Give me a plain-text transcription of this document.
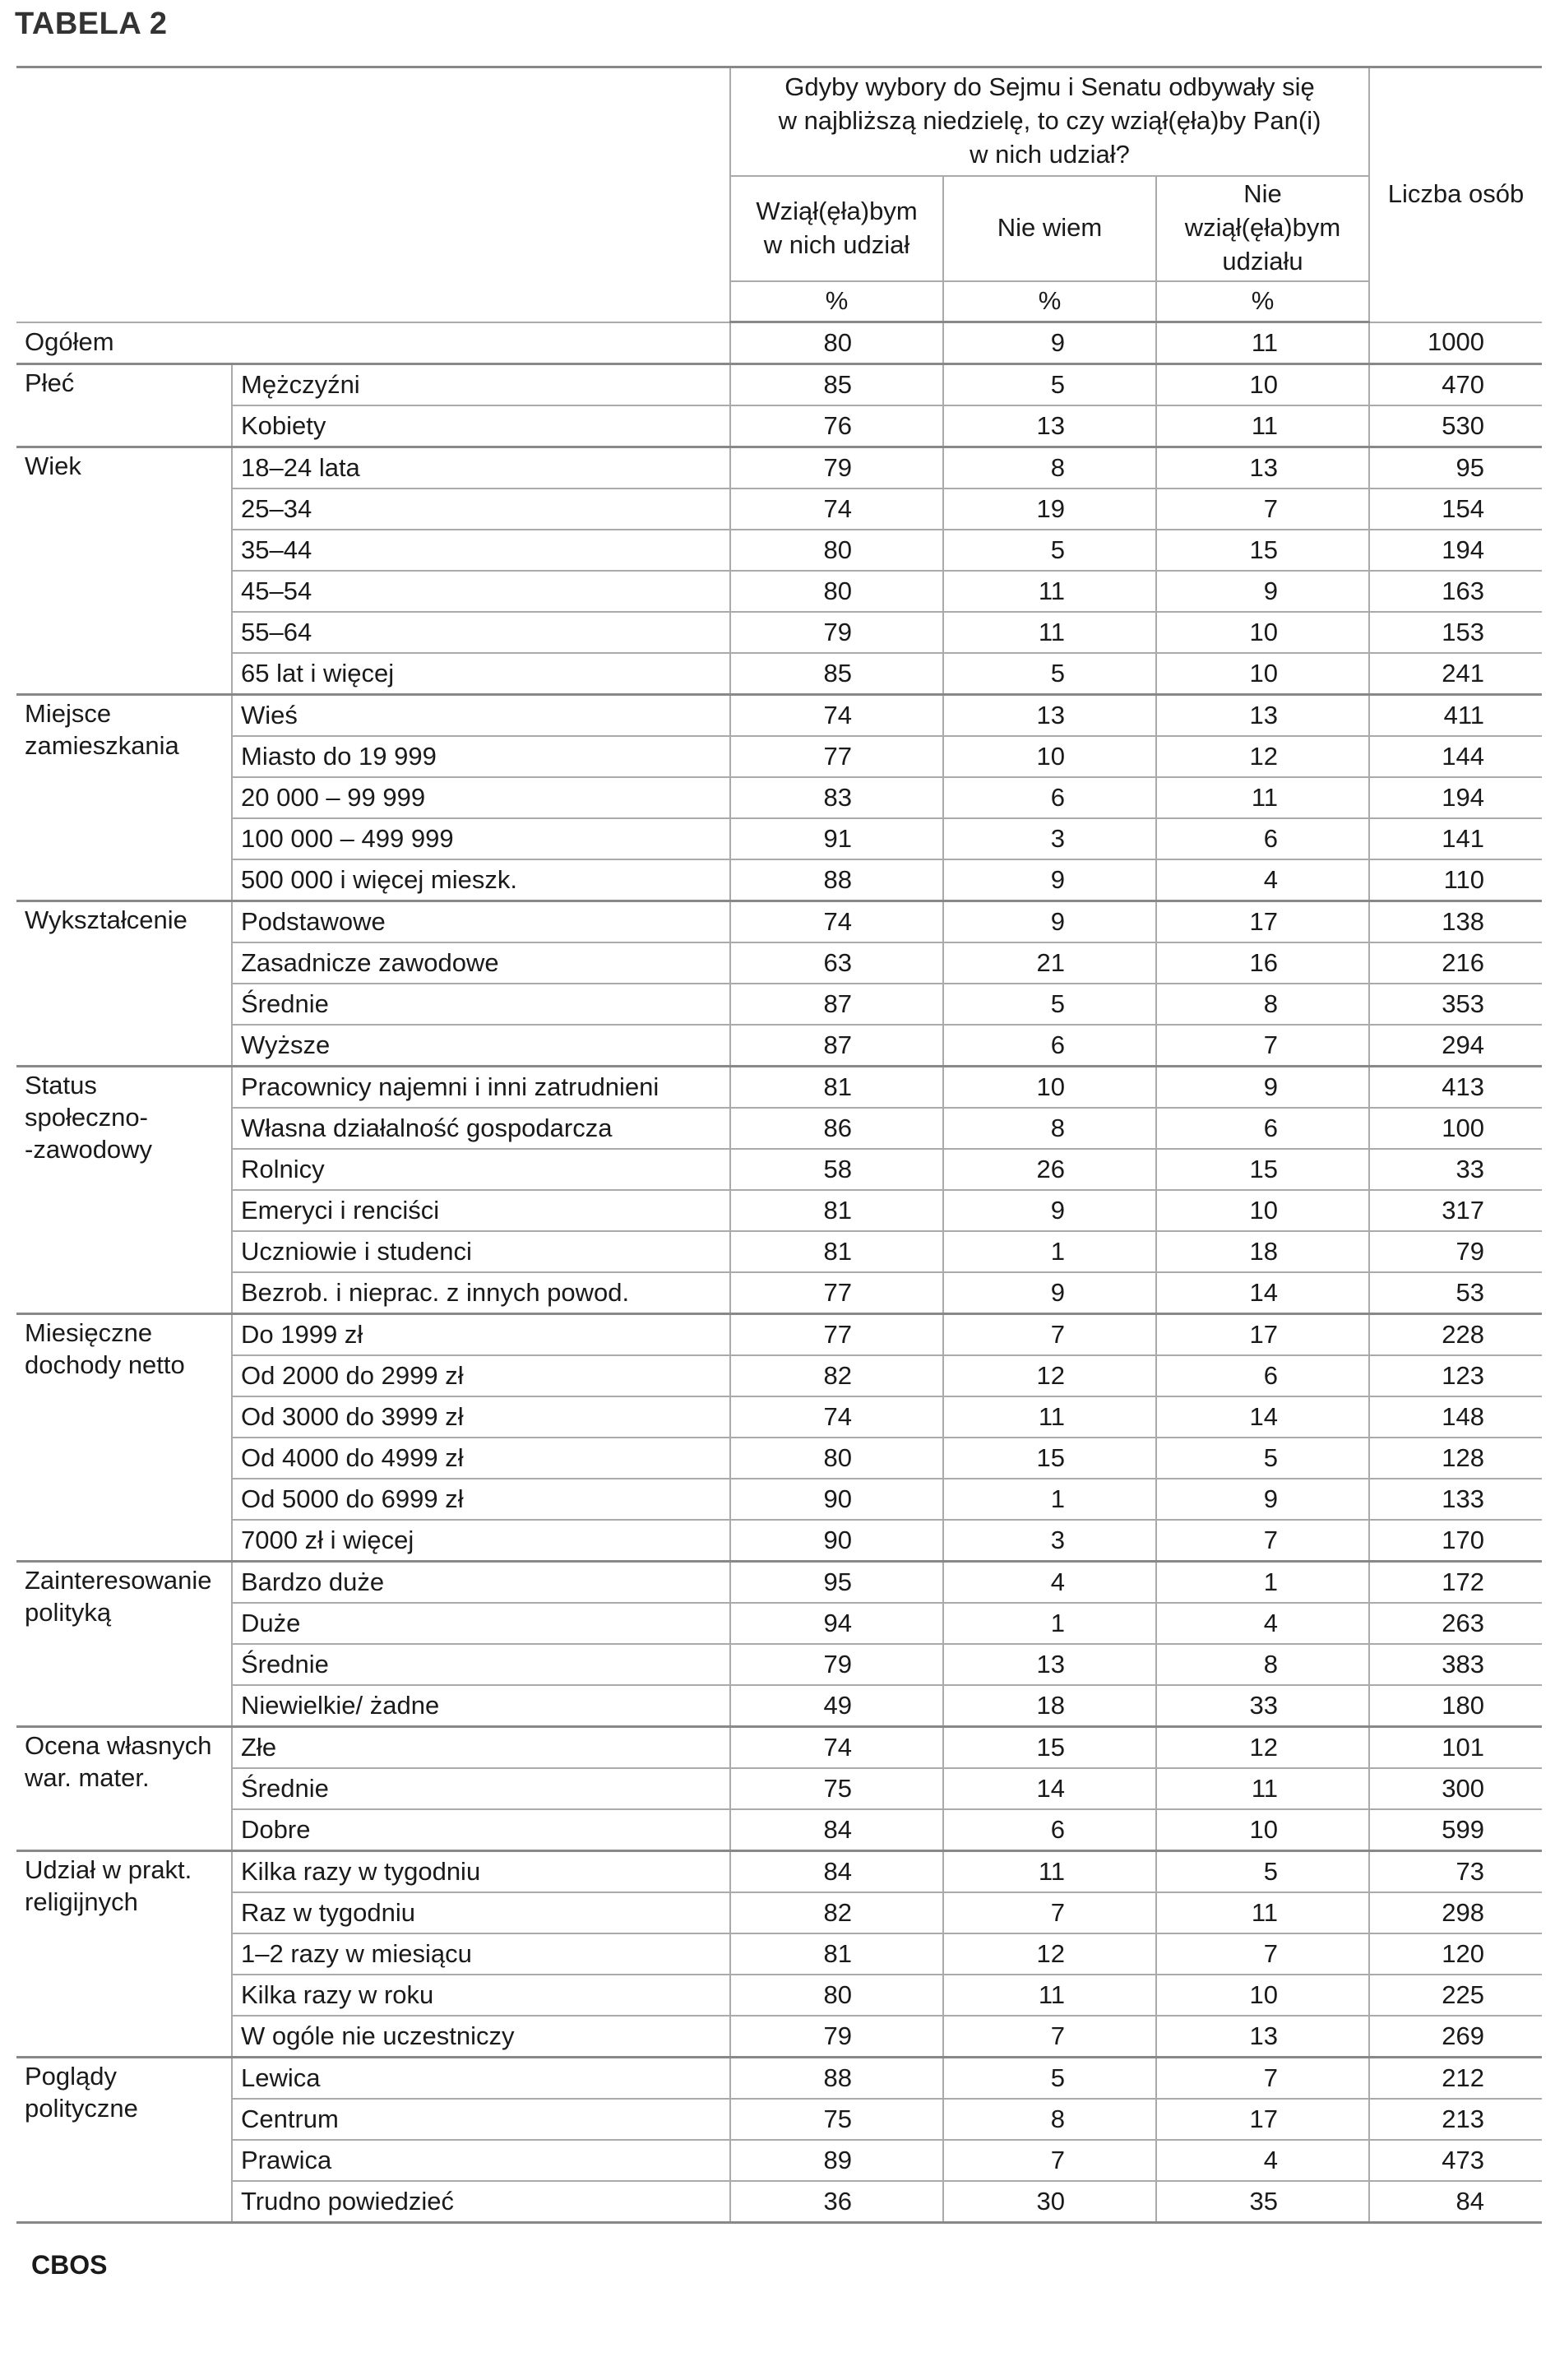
TABELA 2
		Gdyby wybory do Sejmu i Senatu odbywały się
w najbliższą niedzielę, to czy wziął(ęła)by Pan(i)
w nich udział?			Liczba osób
		Wziął(ęła)bym
w nich udział	Nie wiem	Nie
wziął(ęła)bym
udziału	
		%	%	%	
Ogółem		80	9	11	1000
Płeć	Mężczyźni	85	5	10	470
	Kobiety	76	13	11	530
Wiek	18–24 lata	79	8	13	95
	25–34	74	19	7	154
	35–44	80	5	15	194
	45–54	80	11	9	163
	55–64	79	11	10	153
	65 lat i więcej	85	5	10	241
Miejsce
zamieszkania	Wieś	74	13	13	411
	Miasto do 19 999	77	10	12	144
	20 000 – 99 999	83	6	11	194
	100 000 – 499 999	91	3	6	141
	500 000 i więcej mieszk.	88	9	4	110
Wykształcenie	Podstawowe	74	9	17	138
	Zasadnicze zawodowe	63	21	16	216
	Średnie	87	5	8	353
	Wyższe	87	6	7	294
Status
społeczno-
-zawodowy	Pracownicy najemni i inni zatrudnieni	81	10	9	413
	Własna działalność gospodarcza	86	8	6	100
	Rolnicy	58	26	15	33
	Emeryci i renciści	81	9	10	317
	Uczniowie i studenci	81	1	18	79
	Bezrob. i nieprac. z innych powod.	77	9	14	53
Miesięczne
dochody netto	Do 1999 zł	77	7	17	228
	Od 2000 do 2999 zł	82	12	6	123
	Od 3000 do 3999 zł	74	11	14	148
	Od 4000 do 4999 zł	80	15	5	128
	Od 5000 do 6999 zł	90	1	9	133
	7000 zł i więcej	90	3	7	170
Zainteresowanie
polityką	Bardzo duże	95	4	1	172
	Duże	94	1	4	263
	Średnie	79	13	8	383
	Niewielkie/ żadne	49	18	33	180
Ocena własnych
war. mater.	Złe	74	15	12	101
	Średnie	75	14	11	300
	Dobre	84	6	10	599
Udział w prakt.
religijnych	Kilka razy w tygodniu	84	11	5	73
	Raz w tygodniu	82	7	11	298
	1–2 razy w miesiącu	81	12	7	120
	Kilka razy w roku	80	11	10	225
	W ogóle nie uczestniczy	79	7	13	269
Poglądy
polityczne	Lewica	88	5	7	212
	Centrum	75	8	17	213
	Prawica	89	7	4	473
	Trudno powiedzieć	36	30	35	84
CBOS
